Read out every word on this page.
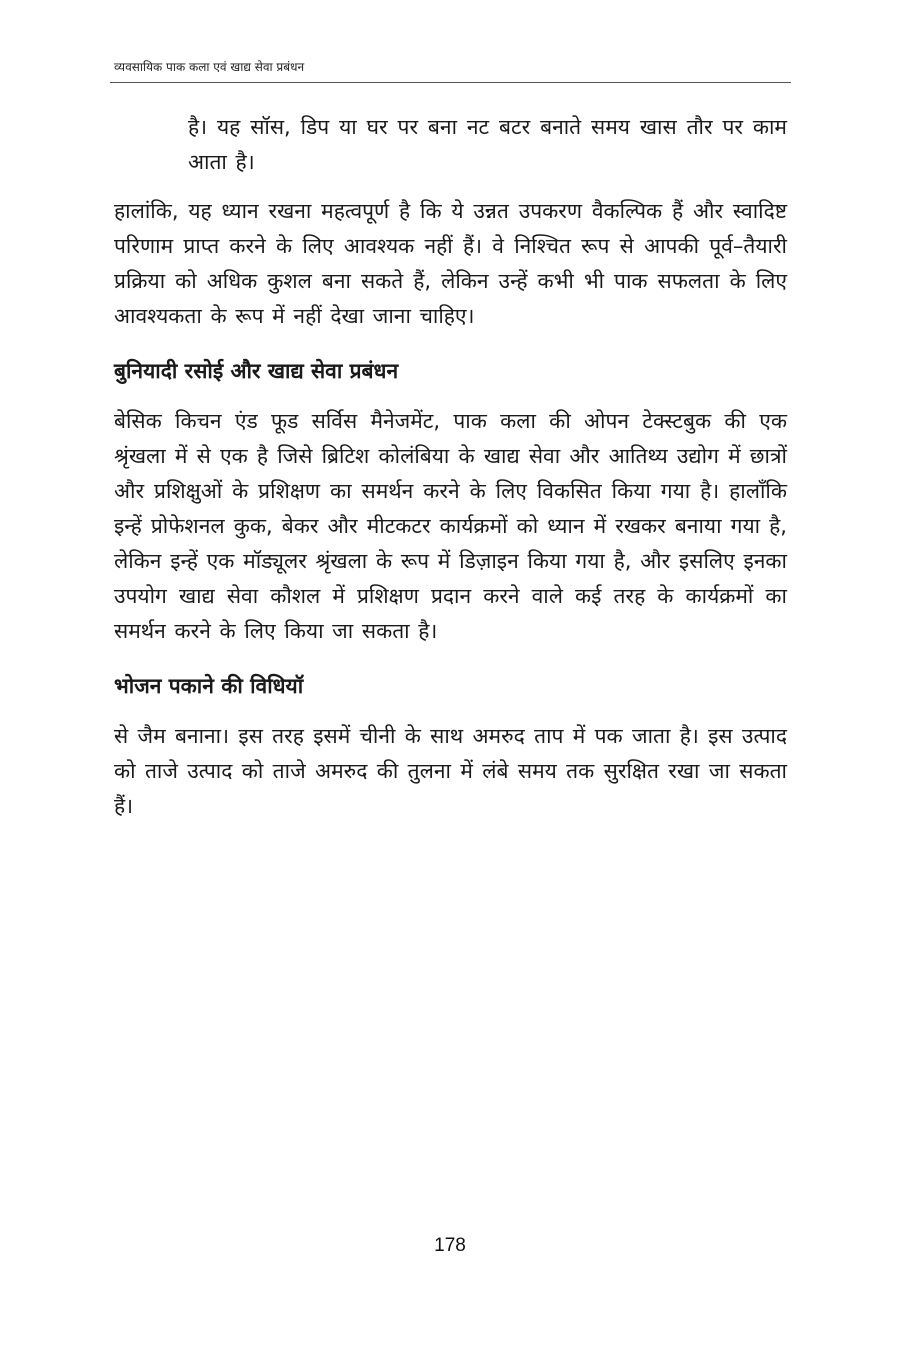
व्यवसायिक पाक कला एवं खाद्य सेवा प्रबंधन

है। यह सॉस, डिप या घर पर बना नट बटर बनाते समय खास तौर पर काम आता है।

हालांकि, यह ध्यान रखना महत्वपूर्ण है कि ये उन्नत उपकरण वैकल्पिक हैं और स्वादिष्ट परिणाम प्राप्त करने के लिए आवश्यक नहीं हैं। वे निश्चित रूप से आपकी पूर्व–तैयारी प्रक्रिया को अधिक कुशल बना सकते हैं, लेकिन उन्हें कभी भी पाक सफलता के लिए आवश्यकता के रूप में नहीं देखा जाना चाहिए।

बुनियादी रसोई और खाद्य सेवा प्रबंधन

बेसिक किचन एंड फूड सर्विस मैनेजमेंट, पाक कला की ओपन टेक्स्टबुक की एक श्रृंखला में से एक है जिसे ब्रिटिश कोलंबिया के खाद्य सेवा और आतिथ्य उद्योग में छात्रों और प्रशिक्षुओं के प्रशिक्षण का समर्थन करने के लिए विकसित किया गया है। हालाँकि इन्हें प्रोफेशनल कुक, बेकर और मीटकटर कार्यक्रमों को ध्यान में रखकर बनाया गया है, लेकिन इन्हें एक मॉड्यूलर श्रृंखला के रूप में डिज़ाइन किया गया है, और इसलिए इनका उपयोग खाद्य सेवा कौशल में प्रशिक्षण प्रदान करने वाले कई तरह के कार्यक्रमों का समर्थन करने के लिए किया जा सकता है।

भोजन पकाने की विधियॉ

से जैम बनाना। इस तरह इसमें चीनी के साथ अमरुद ताप में पक जाता है। इस उत्पाद को ताजे उत्पाद को ताजे अमरुद की तुलना में लंबे समय तक सुरक्षित रखा जा सकता हैं।

178
